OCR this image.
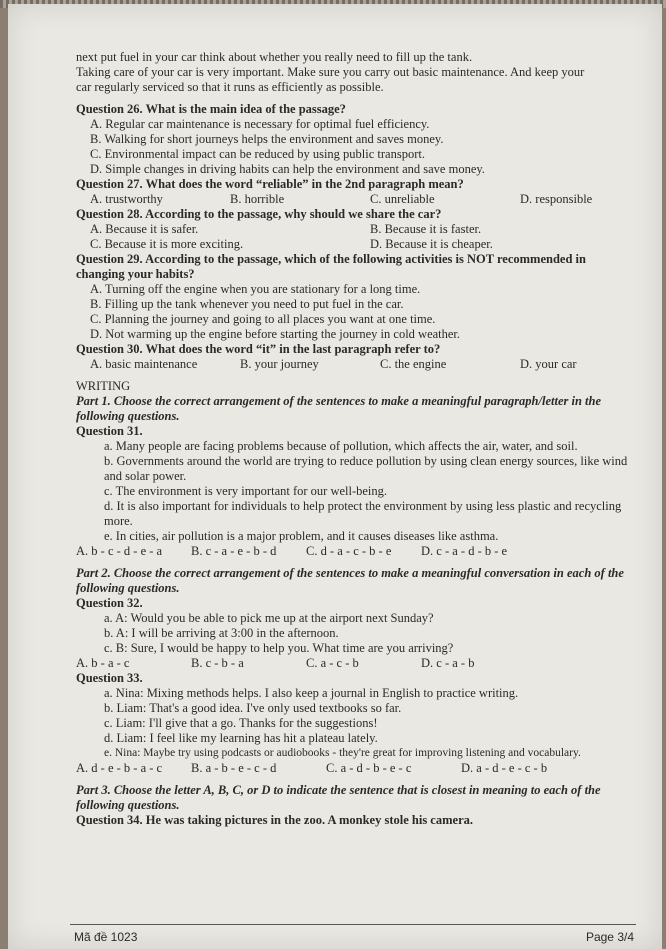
next put fuel in your car think about whether you really need to fill up the tank.

Taking care of your car is very important. Make sure you carry out basic maintenance. And keep your

car regularly serviced so that it runs as efficiently as possible.

Question 26. What is the main idea of the passage?

A. Regular car maintenance is necessary for optimal fuel efficiency.

B. Walking for short journeys helps the environment and saves money.

C. Environmental impact can be reduced by using public transport.

D. Simple changes in driving habits can help the environment and save money.

Question 27. What does the word “reliable” in the 2nd paragraph mean?

A. trustworthy	B. horrible	C. unreliable	D. responsible

Question 28. According to the passage, why should we share the car?

A. Because it is safer.	B. Because it is faster.
C. Because it is more exciting.	D. Because it is cheaper.

Question 29. According to the passage, which of the following activities is NOT recommended in

changing your habits?

A. Turning off the engine when you are stationary for a long time.

B. Filling up the tank whenever you need to put fuel in the car.

C. Planning the journey and going to all places you want at one time.

D. Not warming up the engine before starting the journey in cold weather.

Question 30. What does the word “it” in the last paragraph refer to?

A. basic maintenance	B. your journey	C. the engine	D. your car

WRITING

Part 1. Choose the correct arrangement of the sentences to make a meaningful paragraph/letter in the following questions.

Question 31.

a. Many people are facing problems because of pollution, which affects the air, water, and soil.

b. Governments around the world are trying to reduce pollution by using clean energy sources, like wind and solar power.

c. The environment is very important for our well-being.

d. It is also important for individuals to help protect the environment by using less plastic and recycling more.

e. In cities, air pollution is a major problem, and it causes diseases like asthma.

A. b - c - d - e - a	B. c - a - e - b - d	C. d - a - c - b - e	D. c - a - d - b - e

Part 2. Choose the correct arrangement of the sentences to make a meaningful conversation in each of the following questions.

Question 32.

a. A: Would you be able to pick me up at the airport next Sunday?

b. A: I will be arriving at 3:00 in the afternoon.

c. B: Sure, I would be happy to help you. What time are you arriving?

A. b - a - c	B. c - b - a	C. a - c - b	D. c - a - b

Question 33.

a. Nina: Mixing methods helps. I also keep a journal in English to practice writing.

b. Liam: That's a good idea. I've only used textbooks so far.

c. Liam: I'll give that a go. Thanks for the suggestions!

d. Liam: I feel like my learning has hit a plateau lately.

e. Nina: Maybe try using podcasts or audiobooks - they're great for improving listening and vocabulary.

A. d - e - b - a - c	B. a - b - e - c - d	C. a - d - b - e - c	D. a - d - e - c - b

Part 3. Choose the letter A, B, C, or D to indicate the sentence that is closest in meaning to each of the following questions.

Question 34. He was taking pictures in the zoo. A monkey stole his camera.

Mã đề 1023	Page 3/4
